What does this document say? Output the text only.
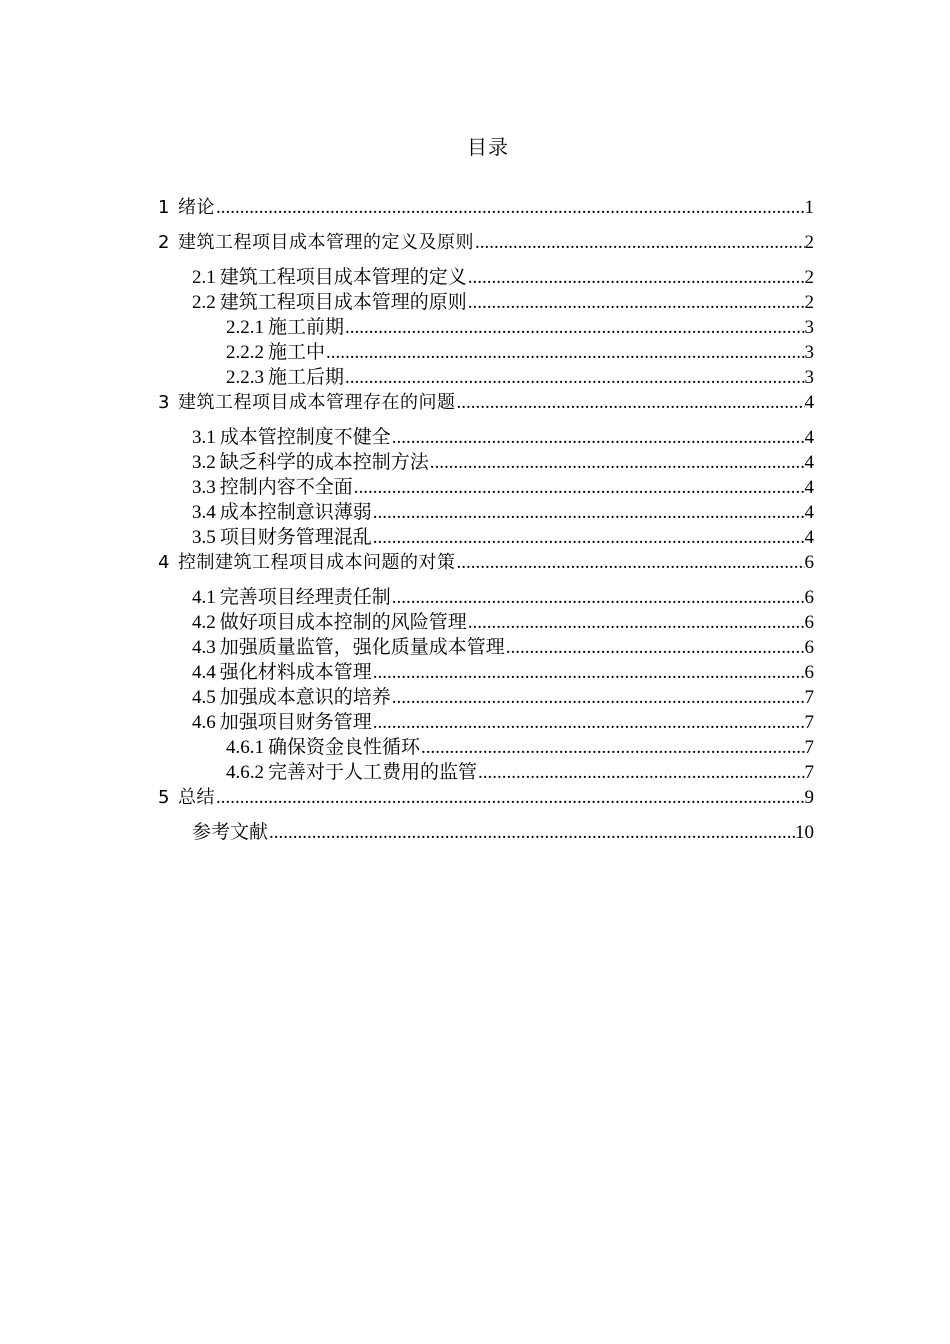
目录
1 绪论 .....	1
2 建筑工程项目成本管理的定义及原则 .....	2
2.1 建筑工程项目成本管理的定义 .....	2
2.2 建筑工程项目成本管理的原则 .....	2
2.2.1 施工前期 .....	3
2.2.2 施工中 .....	3
2.2.3 施工后期 .....	3
3 建筑工程项目成本管理存在的问题 .....	4
3.1 成本管控制度不健全 .....	4
3.2 缺乏科学的成本控制方法 .....	4
3.3 控制内容不全面 .....	4
3.4 成本控制意识薄弱 .....	4
3.5 项目财务管理混乱 .....	4
4 控制建筑工程项目成本问题的对策 .....	6
4.1 完善项目经理责任制 .....	6
4.2 做好项目成本控制的风险管理 .....	6
4.3 加强质量监管，强化质量成本管理 .....	6
4.4 强化材料成本管理 .....	6
4.5 加强成本意识的培养 .....	7
4.6 加强项目财务管理 .....	7
4.6.1 确保资金良性循环 .....	7
4.6.2 完善对于人工费用的监管 .....	7
5 总结 .....	9
参考文献 .....	10
